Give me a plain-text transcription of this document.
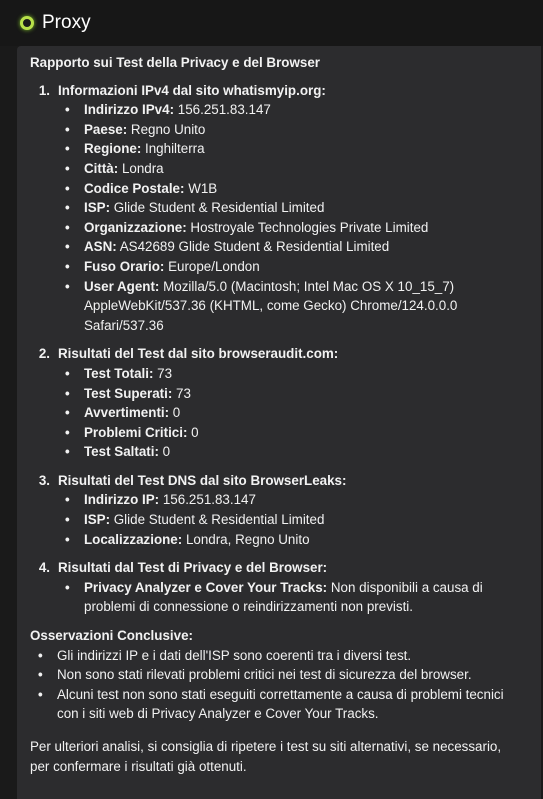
Proxy
Rapporto sui Test della Privacy e del Browser
1. Informazioni IPv4 dal sito whatismyip.org:
•	Indirizzo IPv4: 156.251.83.147
•	Paese: Regno Unito
•	Regione: Inghilterra
•	Città: Londra
•	Codice Postale: W1B
•	ISP: Glide Student & Residential Limited
•	Organizzazione: Hostroyale Technologies Private Limited
•	ASN: AS42689 Glide Student & Residential Limited
•	Fuso Orario: Europe/London
•	User Agent: Mozilla/5.0 (Macintosh; Intel Mac OS X 10_15_7) AppleWebKit/537.36 (KHTML, come Gecko) Chrome/124.0.0.0 Safari/537.36
2. Risultati del Test dal sito browseraudit.com:
•	Test Totali: 73
•	Test Superati: 73
•	Avvertimenti: 0
•	Problemi Critici: 0
•	Test Saltati: 0
3. Risultati del Test DNS dal sito BrowserLeaks:
•	Indirizzo IP: 156.251.83.147
•	ISP: Glide Student & Residential Limited
•	Localizzazione: Londra, Regno Unito
4. Risultati dal Test di Privacy e del Browser:
•	Privacy Analyzer e Cover Your Tracks: Non disponibili a causa di problemi di connessione o reindirizzamenti non previsti.
Osservazioni Conclusive:
•	Gli indirizzi IP e i dati dell'ISP sono coerenti tra i diversi test.
•	Non sono stati rilevati problemi critici nei test di sicurezza del browser.
•	Alcuni test non sono stati eseguiti correttamente a causa di problemi tecnici con i siti web di Privacy Analyzer e Cover Your Tracks.
Per ulteriori analisi, si consiglia di ripetere i test su siti alternativi, se necessario, per confermare i risultati già ottenuti.
